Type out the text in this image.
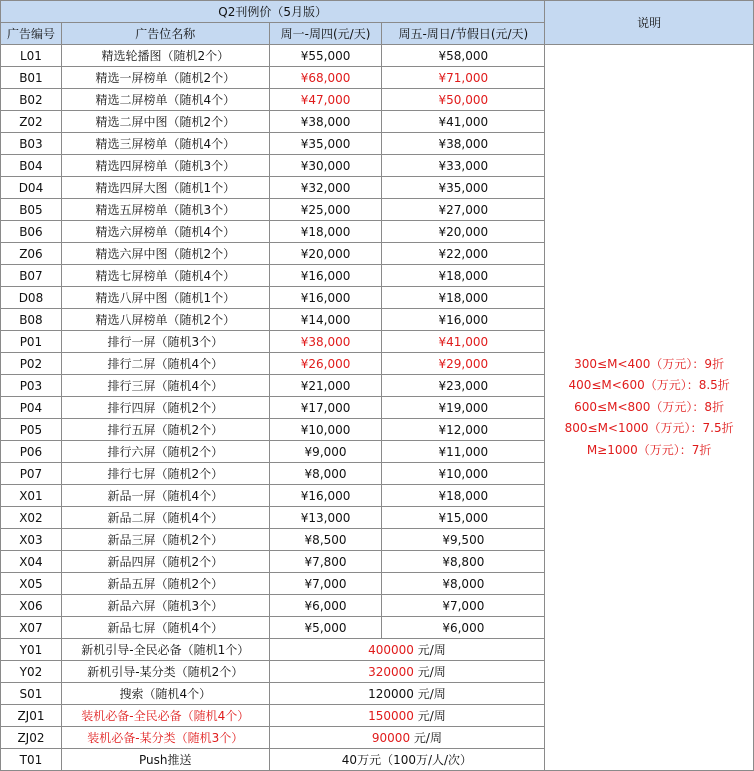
Q2刊例价（5月版）				说明
广告编号	广告位名称	周一-周四(元/天)	周五-周日/节假日(元/天)	
L01	精选轮播图（随机2个）	¥55,000	¥58,000	300≤M<400（万元）：9折
400≤M<600（万元）：8.5折
600≤M<800（万元）：8折
800≤M<1000（万元）：7.5折
M≥1000（万元）：7折

B01	精选一屏榜单（随机2个）	¥68,000	¥71,000	
B02	精选二屏榜单（随机4个）	¥47,000	¥50,000	
Z02	精选二屏中图（随机2个）	¥38,000	¥41,000	
B03	精选三屏榜单（随机4个）	¥35,000	¥38,000	
B04	精选四屏榜单（随机3个）	¥30,000	¥33,000	
D04	精选四屏大图（随机1个）	¥32,000	¥35,000	
B05	精选五屏榜单（随机3个）	¥25,000	¥27,000	
B06	精选六屏榜单（随机4个）	¥18,000	¥20,000	
Z06	精选六屏中图（随机2个）	¥20,000	¥22,000	
B07	精选七屏榜单（随机4个）	¥16,000	¥18,000	
D08	精选八屏中图（随机1个）	¥16,000	¥18,000	
B08	精选八屏榜单（随机2个）	¥14,000	¥16,000	
P01	排行一屏（随机3个）	¥38,000	¥41,000	
P02	排行二屏（随机4个）	¥26,000	¥29,000	
P03	排行三屏（随机4个）	¥21,000	¥23,000	
P04	排行四屏（随机2个）	¥17,000	¥19,000	
P05	排行五屏（随机2个）	¥10,000	¥12,000	
P06	排行六屏（随机2个）	¥9,000	¥11,000	
P07	排行七屏（随机2个）	¥8,000	¥10,000	
X01	新品一屏（随机4个）	¥16,000	¥18,000	
X02	新品二屏（随机4个）	¥13,000	¥15,000	
X03	新品三屏（随机2个）	¥8,500	¥9,500	
X04	新品四屏（随机2个）	¥7,800	¥8,800	
X05	新品五屏（随机2个）	¥7,000	¥8,000	
X06	新品六屏（随机3个）	¥6,000	¥7,000	
X07	新品七屏（随机4个）	¥5,000	¥6,000	
Y01	新机引导-全民必备（随机1个）	400000 元/周		
Y02	新机引导-某分类（随机2个）	320000 元/周		
S01	搜索（随机4个）	120000 元/周		
ZJ01	装机必备-全民必备（随机4个）	150000 元/周		
ZJ02	装机必备-某分类（随机3个）	90000 元/周		
T01	Push推送	40万元（100万/人/次）		
